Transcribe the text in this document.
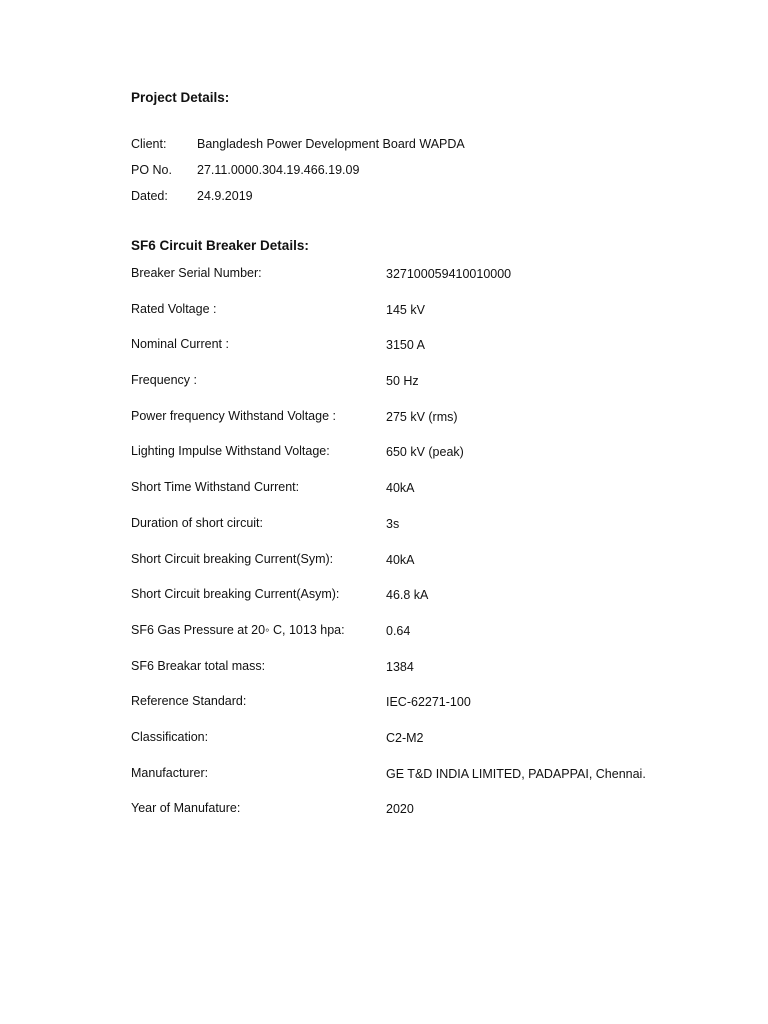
Project Details:
Client: Bangladesh Power Development Board WAPDA
PO No. 27.11.0000.304.19.466.19.09
Dated: 24.9.2019
SF6 Circuit Breaker Details:
Breaker Serial Number:	327100059410010000
Rated Voltage :	145 kV
Nominal Current :	3150 A
Frequency :	50 Hz
Power frequency Withstand Voltage :	275 kV (rms)
Lighting Impulse Withstand Voltage:	650 kV (peak)
Short Time Withstand Current:	40kA
Duration of short circuit:	3s
Short Circuit breaking Current(Sym):	40kA
Short Circuit breaking Current(Asym):	46.8 kA
SF6 Gas Pressure at 20◦ C, 1013 hpa:	0.64
SF6 Breakar total mass:	1384
Reference Standard:	IEC-62271-100
Classification:	C2-M2
Manufacturer:	GE T&D INDIA LIMITED, PADAPPAI, Chennai.
Year of Manufature:	2020
